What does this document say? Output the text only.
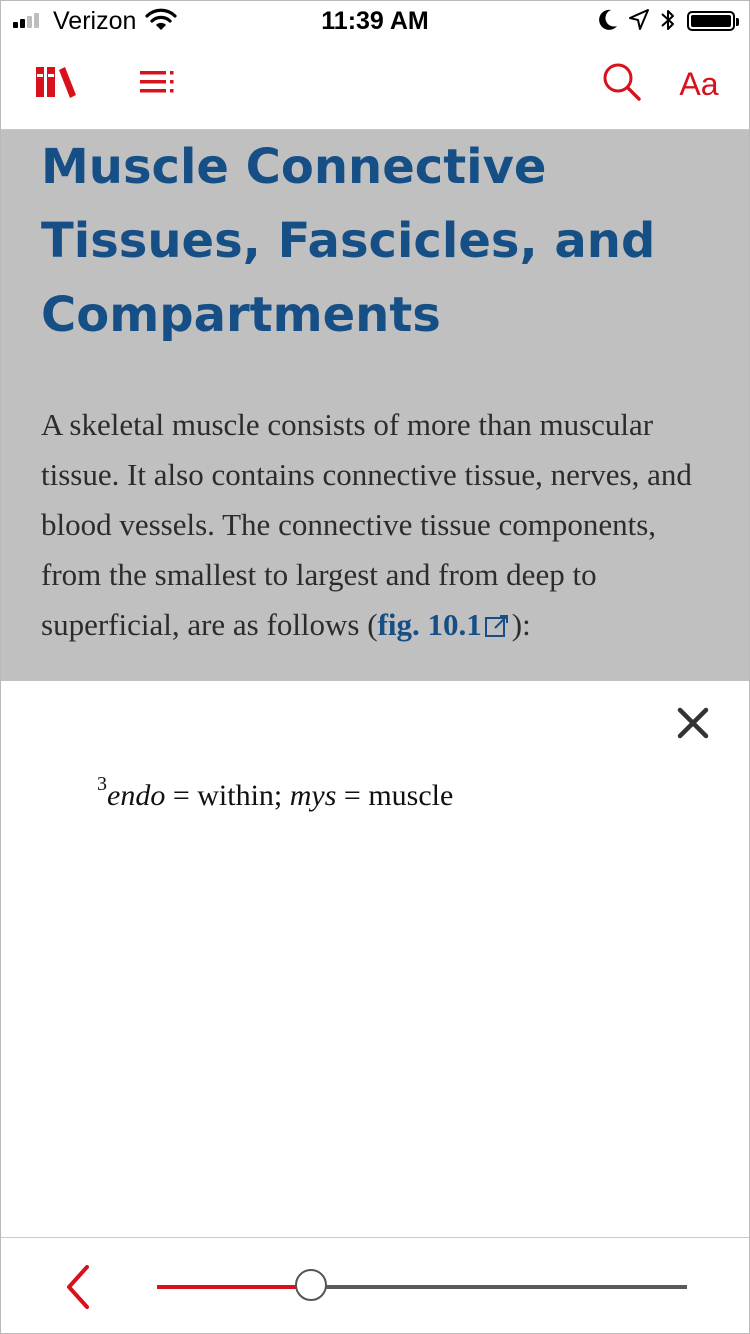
Verizon	11:39 AM
Aa
Muscle Connective Tissues, Fascicles, and Compartments

A skeletal muscle consists of more than muscular tissue. It also contains connective tissue, nerves, and blood vessels. The connective tissue components, from the smallest to largest and from deep to superficial, are as follows (fig. 10.1 ):

$^3$endo = within; mys = muscle
